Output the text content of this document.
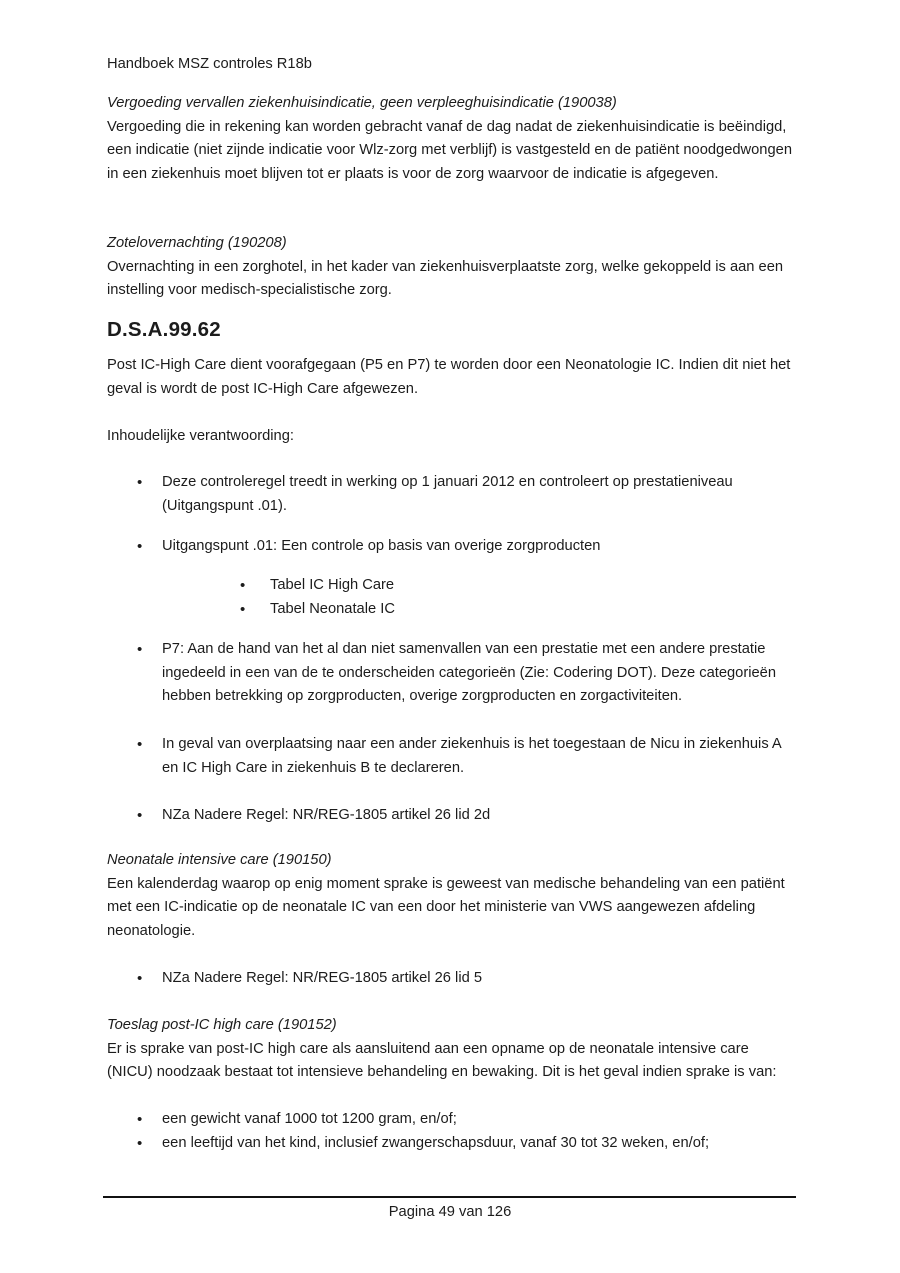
Handboek MSZ controles R18b
Vergoeding vervallen ziekenhuisindicatie, geen verpleeghuisindicatie (190038)

Vergoeding die in rekening kan worden gebracht vanaf de dag nadat de ziekenhuisindicatie is beëindigd, een indicatie (niet zijnde indicatie voor Wlz-zorg met verblijf) is vastgesteld en de patiënt noodgedwongen in een ziekenhuis moet blijven tot er plaats is voor de zorg waarvoor de indicatie is afgegeven.

Zotelovernachting (190208)

Overnachting in een zorghotel, in het kader van ziekenhuisverplaatste zorg, welke gekoppeld is aan een instelling voor medisch-specialistische zorg.

D.S.A.99.62

Post IC-High Care dient voorafgegaan (P5 en P7) te worden door een Neonatologie IC. Indien dit niet het geval is wordt de post IC-High Care afgewezen.

Inhoudelijke verantwoording:
• Deze controleregel treedt in werking op 1 januari 2012 en controleert op prestatieniveau (Uitgangspunt .01).
• Uitgangspunt .01: Een controle op basis van overige zorgproducten
• Tabel IC High Care
• Tabel Neonatale IC
• P7: Aan de hand van het al dan niet samenvallen van een prestatie met een andere prestatie ingedeeld in een van de te onderscheiden categorieën (Zie: Codering DOT). Deze categorieën hebben betrekking op zorgproducten, overige zorgproducten en zorgactiviteiten.
• In geval van overplaatsing naar een ander ziekenhuis is het toegestaan de Nicu in ziekenhuis A en IC High Care in ziekenhuis B te declareren.
• NZa Nadere Regel: NR/REG-1805 artikel 26 lid 2d
Neonatale intensive care (190150)

Een kalenderdag waarop op enig moment sprake is geweest van medische behandeling van een patiënt met een IC-indicatie op de neonatale IC van een door het ministerie van VWS aangewezen afdeling neonatologie.

• NZa Nadere Regel: NR/REG-1805 artikel 26 lid 5
Toeslag post-IC high care (190152)

Er is sprake van post-IC high care als aansluitend aan een opname op de neonatale intensive care (NICU) noodzaak bestaat tot intensieve behandeling en bewaking. Dit is het geval indien sprake is van:

• een gewicht vanaf 1000 tot 1200 gram, en/of;
• een leeftijd van het kind, inclusief zwangerschapsduur, vanaf 30 tot 32 weken, en/of;
Pagina 49 van 126
